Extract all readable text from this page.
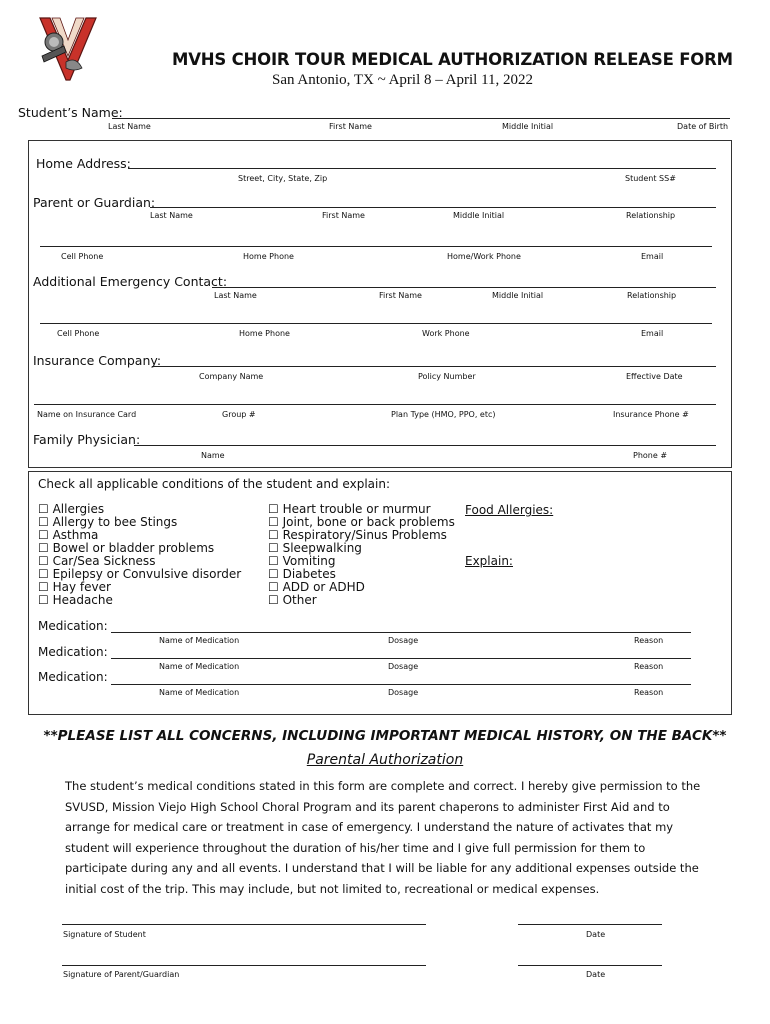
MVHS CHOIR TOUR MEDICAL AUTHORIZATION RELEASE FORM
San Antonio, TX ~ April 8 – April 11, 2022
Student’s Name:
Last Name	First Name	Middle Initial	Date of Birth
Home Address:
Street, City, State, Zip	Student SS#
Parent or Guardian:
Last Name	First Name	Middle Initial	Relationship
Cell Phone	Home Phone	Home/Work Phone	Email
Additional Emergency Contact:
Last Name	First Name	Middle Initial	Relationship
Cell Phone	Home Phone	Work Phone	Email
Insurance Company:
Company Name	Policy Number	Effective Date
Name on Insurance Card	Group #	Plan Type (HMO, PPO, etc)	Insurance Phone #
Family Physician:
Name	Phone #
Check all applicable conditions of the student and explain:
☐ Allergies
☐ Allergy to bee Stings
☐ Asthma
☐ Bowel or bladder problems
☐ Car/Sea Sickness
☐ Epilepsy or Convulsive disorder
☐ Hay fever
☐ Headache
☐ Heart trouble or murmur
☐ Joint, bone or back problems
☐ Respiratory/Sinus Problems
☐ Sleepwalking
☐ Vomiting
☐ Diabetes
☐ ADD or ADHD
☐ Other
Food Allergies:
Explain:
Medication:
Name of Medication	Dosage	Reason
Medication:
Name of Medication	Dosage	Reason
Medication:
Name of Medication	Dosage	Reason
**PLEASE LIST ALL CONCERNS, INCLUDING IMPORTANT MEDICAL HISTORY, ON THE BACK**
Parental Authorization
The student’s medical conditions stated in this form are complete and correct. I hereby give permission to the SVUSD, Mission Viejo High School Choral Program and its parent chaperons to administer First Aid and to arrange for medical care or treatment in case of emergency. I understand the nature of activates that my student will experience throughout the duration of his/her time and I give full permission for them to participate during any and all events. I understand that I will be liable for any additional expenses outside the initial cost of the trip. This may include, but not limited to, recreational or medical expenses.
Signature of Student	Date
Signature of Parent/Guardian	Date
